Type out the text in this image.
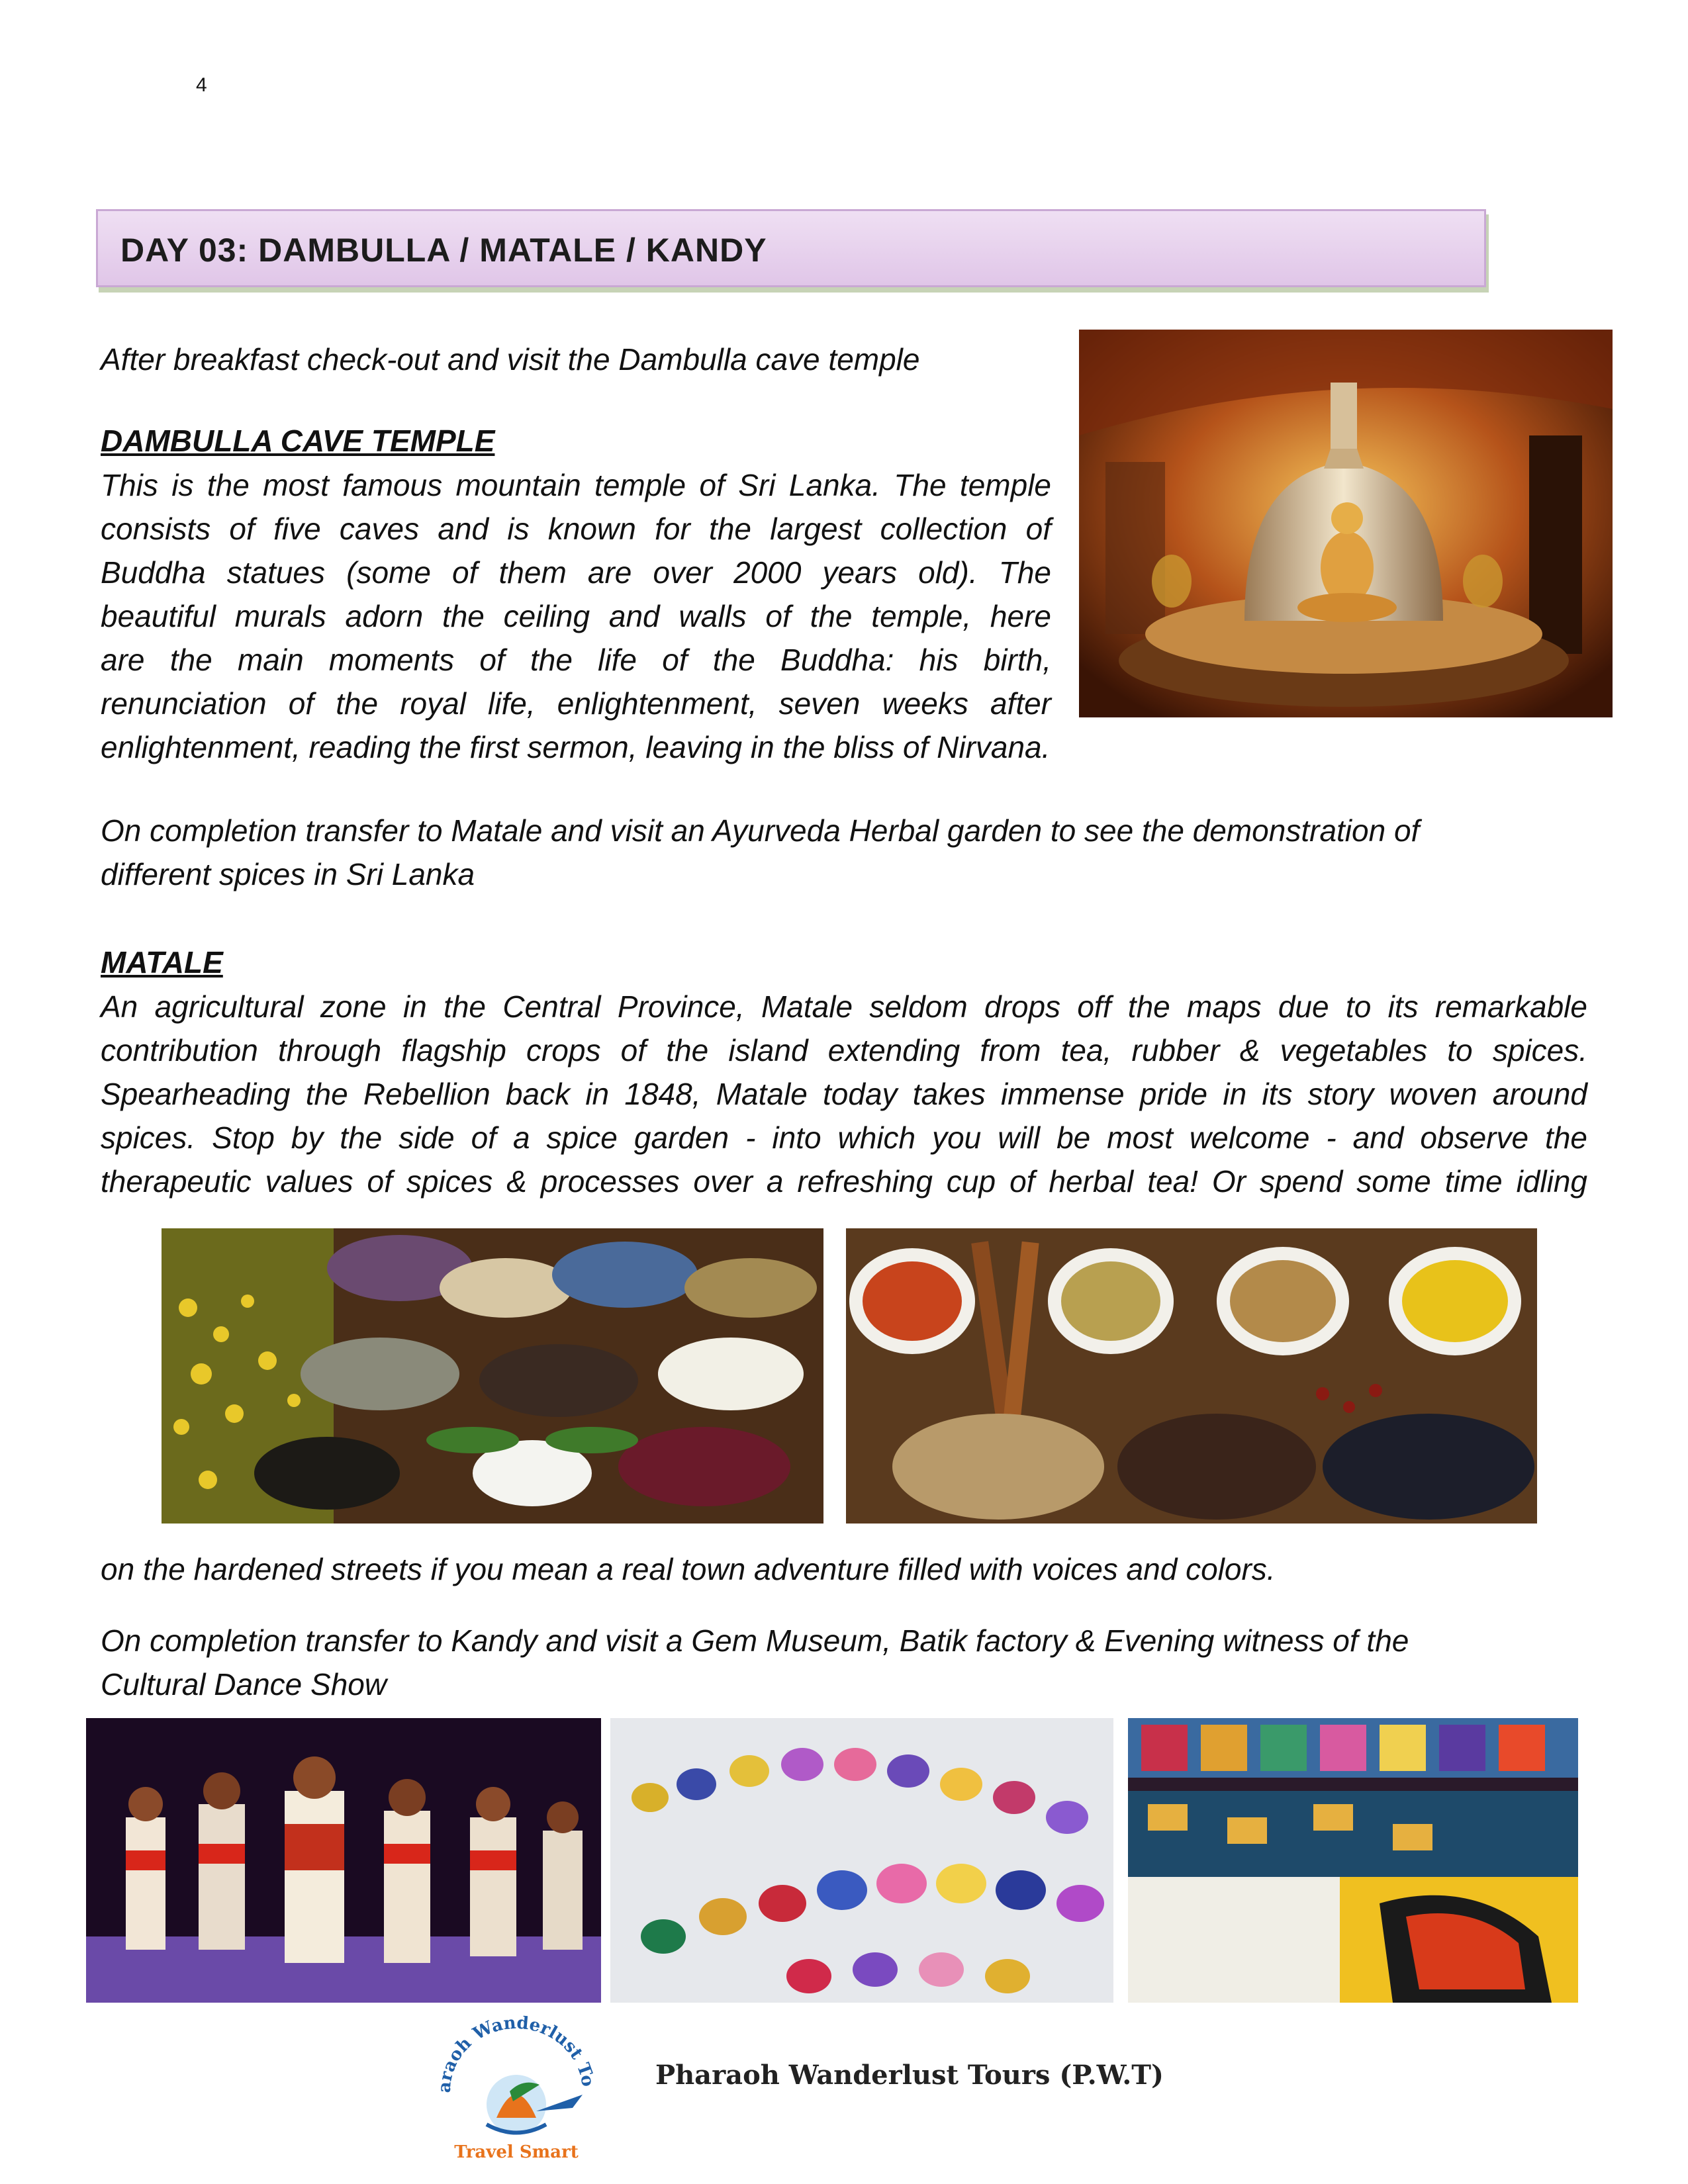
4
DAY 03: DAMBULLA / MATALE / KANDY
After breakfast check-out and visit the Dambulla cave temple
DAMBULLA CAVE TEMPLE
This is the most famous mountain temple of Sri Lanka. The temple
consists of five caves and is known for the largest collection of
Buddha statues (some of them are over 2000 years old). The
beautiful murals adorn the ceiling and walls of the temple, here
are the main moments of the life of the Buddha: his birth,
renunciation of the royal life, enlightenment, seven weeks after
enlightenment, reading the first sermon, leaving in the bliss of Nirvana.
On completion transfer to Matale and visit an Ayurveda Herbal garden to see the demonstration of
different spices in Sri Lanka
MATALE
An agricultural zone in the Central Province, Matale seldom drops off the maps due to its remarkable
contribution through flagship crops of the island extending from tea, rubber & vegetables to spices.
Spearheading the Rebellion back in 1848, Matale today takes immense pride in its story woven around
spices. Stop by the side of a spice garden - into which you will be most welcome - and observe the
therapeutic values of spices & processes over a refreshing cup of herbal tea! Or spend some time idling
on the hardened streets if you mean a real town adventure filled with voices and colors.
On completion transfer to Kandy and visit a Gem Museum, Batik factory & Evening witness of the
Cultural Dance Show
araoh Wanderlust To
Travel Smart
Pharaoh Wanderlust Tours (P.W.T)
